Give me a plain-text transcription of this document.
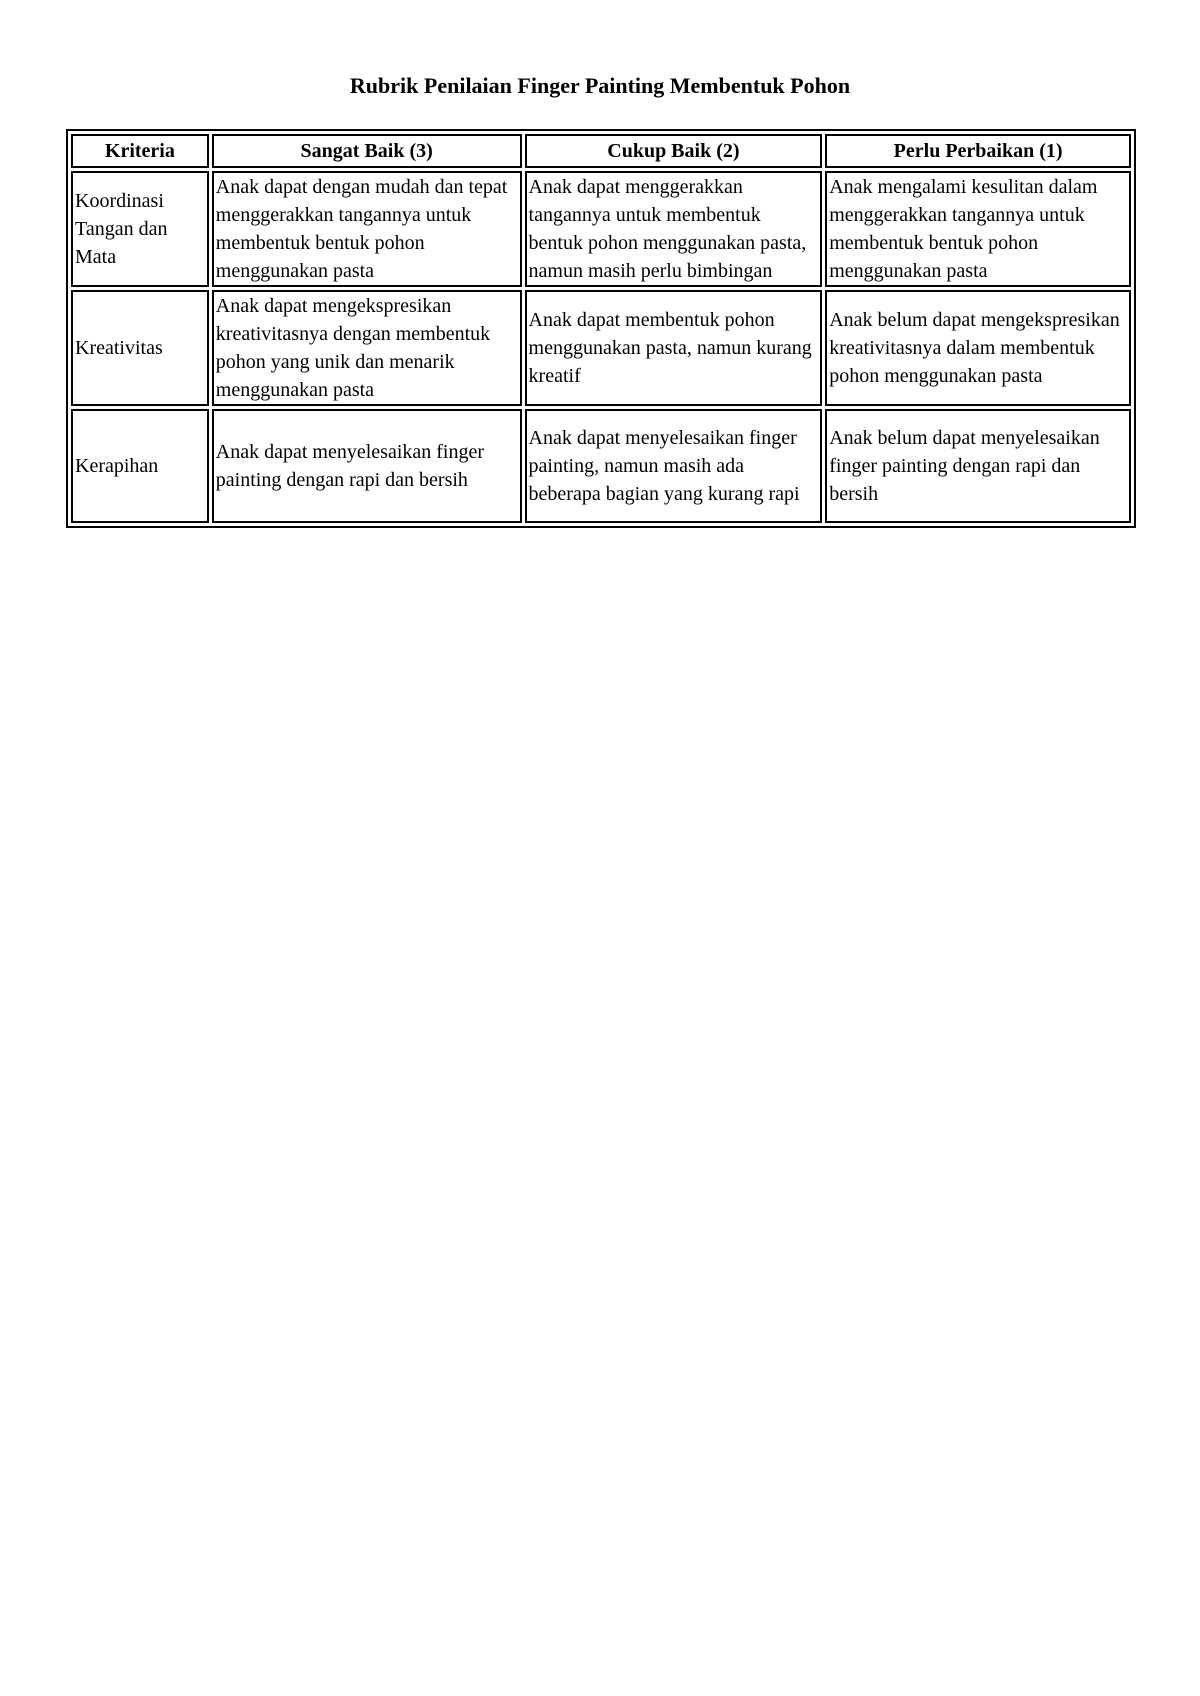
Rubrik Penilaian Finger Painting Membentuk Pohon
Kriteria	Sangat Baik (3)	Cukup Baik (2)	Perlu Perbaikan (1)
Koordinasi Tangan dan Mata	Anak dapat dengan mudah dan tepat menggerakkan tangannya untuk membentuk bentuk pohon menggunakan pasta	Anak dapat menggerakkan tangannya untuk membentuk bentuk pohon menggunakan pasta, namun masih perlu bimbingan	Anak mengalami kesulitan dalam menggerakkan tangannya untuk membentuk bentuk pohon menggunakan pasta
Kreativitas	Anak dapat mengekspresikan kreativitasnya dengan membentuk pohon yang unik dan menarik menggunakan pasta	Anak dapat membentuk pohon menggunakan pasta, namun kurang kreatif	Anak belum dapat mengekspresikan kreativitasnya dalam membentuk pohon menggunakan pasta
Kerapihan	Anak dapat menyelesaikan finger painting dengan rapi dan bersih	Anak dapat menyelesaikan finger painting, namun masih ada beberapa bagian yang kurang rapi	Anak belum dapat menyelesaikan finger painting dengan rapi dan bersih
